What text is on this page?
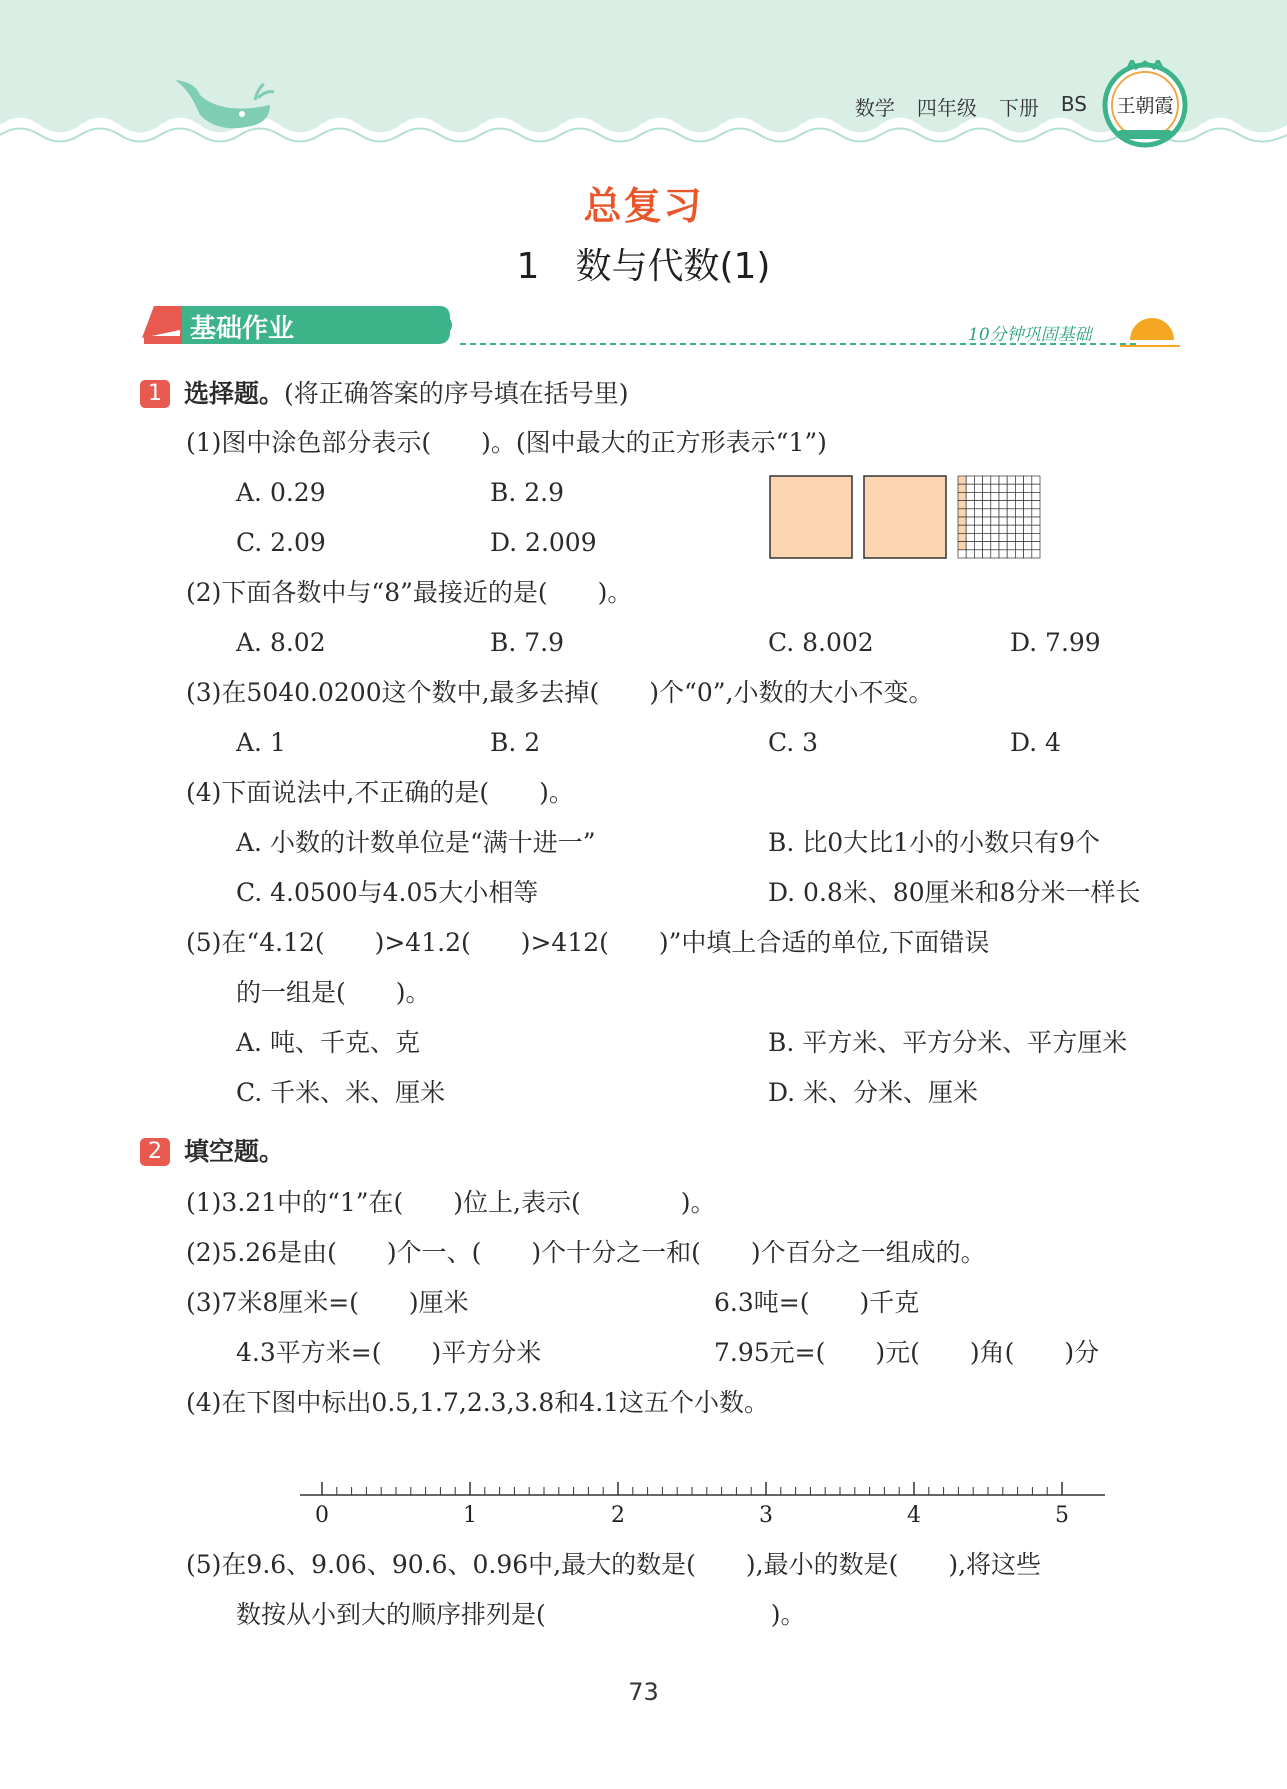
数学 四年级 下册 BS 王朝霞
总复习
1　数与代数(1)
基础作业	10分钟巩固基础
1 选择题。(将正确答案的序号填在括号里)
(1)图中涂色部分表示(　　)。(图中最大的正方形表示“1”)
A. 0.29	B. 2.9
C. 2.09	D. 2.009
(2)下面各数中与“8”最接近的是(　　)。
A. 8.02	B. 7.9	C. 8.002	D. 7.99
(3)在5040.0200这个数中,最多去掉(　　)个“0”,小数的大小不变。
A. 1	B. 2	C. 3	D. 4
(4)下面说法中,不正确的是(　　)。
A. 小数的计数单位是“满十进一”	B. 比0大比1小的小数只有9个
C. 4.0500与4.05大小相等	D. 0.8米、80厘米和8分米一样长
(5)在“4.12(　　)>41.2(　　)>412(　　)”中填上合适的单位,下面错误
的一组是(　　)。
A. 吨、千克、克	B. 平方米、平方分米、平方厘米
C. 千米、米、厘米	D. 米、分米、厘米
2 填空题。
(1)3.21中的“1”在(　　)位上,表示(　　　　)。
(2)5.26是由(　　)个一、(　　)个十分之一和(　　)个百分之一组成的。
(3)7米8厘米=(　　)厘米	6.3吨=(　　)千克
4.3平方米=(　　)平方分米	7.95元=(　　)元(　　)角(　　)分
(4)在下图中标出0.5,1.7,2.3,3.8和4.1这五个小数。
0	1	2	3	4	5
(5)在9.6、9.06、90.6、0.96中,最大的数是(　　),最小的数是(　　),将这些
数按从小到大的顺序排列是(　　　　　　　　　)。
73
